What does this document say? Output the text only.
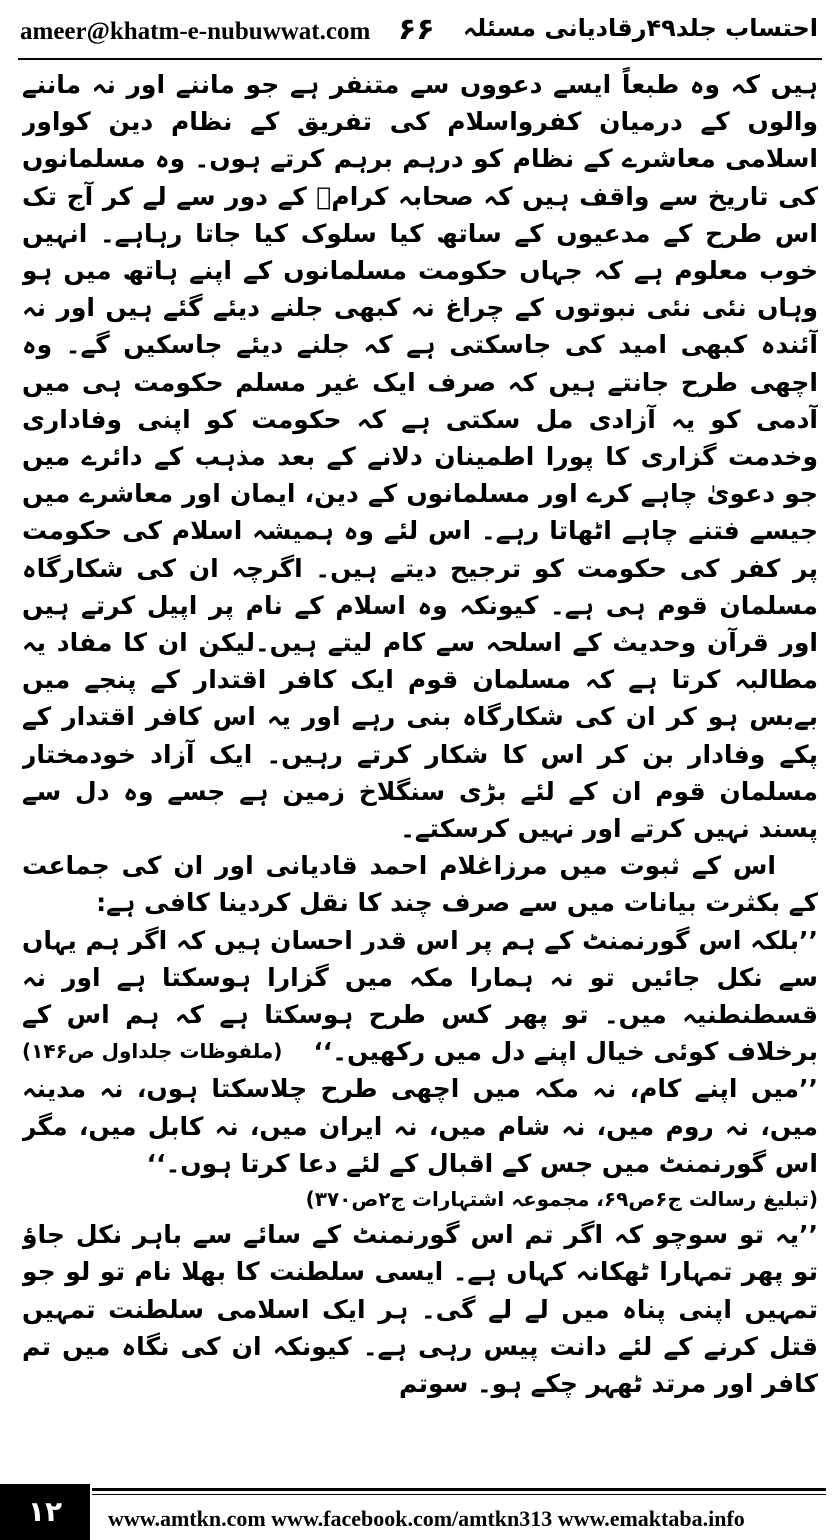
ameer@khatm-e-nubuwwat.com ۶۶ احتساب جلد۴۹رقادیانی مسئلہ

ہیں کہ وہ طبعاً ایسے دعووں سے متنفر ہے جو ماننے اور نہ ماننے والوں کے درمیان کفرواسلام کی تفریق کے نظام دین کواور اسلامی معاشرے کے نظام کو درہم برہم کرتے ہوں۔ وہ مسلمانوں کی تاریخ سے واقف ہیں کہ صحابہ کرامؓ کے دور سے لے کر آج تک اس طرح کے مدعیوں کے ساتھ کیا سلوک کیا جاتا رہاہے۔ انہیں خوب معلوم ہے کہ جہاں حکومت مسلمانوں کے اپنے ہاتھ میں ہو وہاں نئی نئی نبوتوں کے چراغ نہ کبھی جلنے دیئے گئے ہیں اور نہ آئندہ کبھی امید کی جاسکتی ہے کہ جلنے دیئے جاسکیں گے۔ وہ اچھی طرح جانتے ہیں کہ صرف ایک غیر مسلم حکومت ہی میں آدمی کو یہ آزادی مل سکتی ہے کہ حکومت کو اپنی وفاداری وخدمت گزاری کا پورا اطمینان دلانے کے بعد مذہب کے دائرے میں جو دعویٰ چاہے کرے اور مسلمانوں کے دین، ایمان اور معاشرے میں جیسے فتنے چاہے اٹھاتا رہے۔ اس لئے وہ ہمیشہ اسلام کی حکومت پر کفر کی حکومت کو ترجیح دیتے ہیں۔ اگرچہ ان کی شکارگاہ مسلمان قوم ہی ہے۔ کیونکہ وہ اسلام کے نام پر اپیل کرتے ہیں اور قرآن وحدیث کے اسلحہ سے کام لیتے ہیں۔لیکن ان کا مفاد یہ مطالبہ کرتا ہے کہ مسلمان قوم ایک کافر اقتدار کے پنجے میں بےبس ہو کر ان کی شکارگاہ بنی رہے اور یہ اس کافر اقتدار کے پکے وفادار بن کر اس کا شکار کرتے رہیں۔ ایک آزاد خودمختار مسلمان قوم ان کے لئے بڑی سنگلاخ زمین ہے جسے وہ دل سے پسند نہیں کرتے اور نہیں کرسکتے۔

اس کے ثبوت میں مرزاغلام احمد قادیانی اور ان کی جماعت کے بکثرت بیانات میں سے صرف چند کا نقل کردینا کافی ہے:

’’بلکہ اس گورنمنٹ کے ہم پر اس قدر احسان ہیں کہ اگر ہم یہاں سے نکل جائیں تو نہ ہمارا مکہ میں گزارا ہوسکتا ہے اور نہ قسطنطنیہ میں۔ تو پھر کس طرح ہوسکتا ہے کہ ہم اس کے برخلاف کوئی خیال اپنے دل میں رکھیں۔‘‘
(ملفوظات جلداول ص۱۴۶)

’’میں اپنے کام، نہ مکہ میں اچھی طرح چلاسکتا ہوں، نہ مدینہ میں، نہ روم میں، نہ شام میں، نہ ایران میں، نہ کابل میں، مگر اس گورنمنٹ میں جس کے اقبال کے لئے دعا کرتا ہوں۔‘‘

(تبلیغ رسالت ج۶ص۶۹، مجموعہ اشتہارات ج۲ص۳۷۰)

’’یہ تو سوچو کہ اگر تم اس گورنمنٹ کے سائے سے باہر نکل جاؤ تو پھر تمہارا ٹھکانہ کہاں ہے۔ ایسی سلطنت کا بھلا نام تو لو جو تمہیں اپنی پناہ میں لے لے گی۔ ہر ایک اسلامی سلطنت تمہیں قتل کرنے کے لئے دانت پیس رہی ہے۔ کیونکہ ان کی نگاہ میں تم کافر اور مرتد ٹھہر چکے ہو۔ سوتم

۱۲	www.amtkn.com www.facebook.com/amtkn313 www.emaktaba.info
